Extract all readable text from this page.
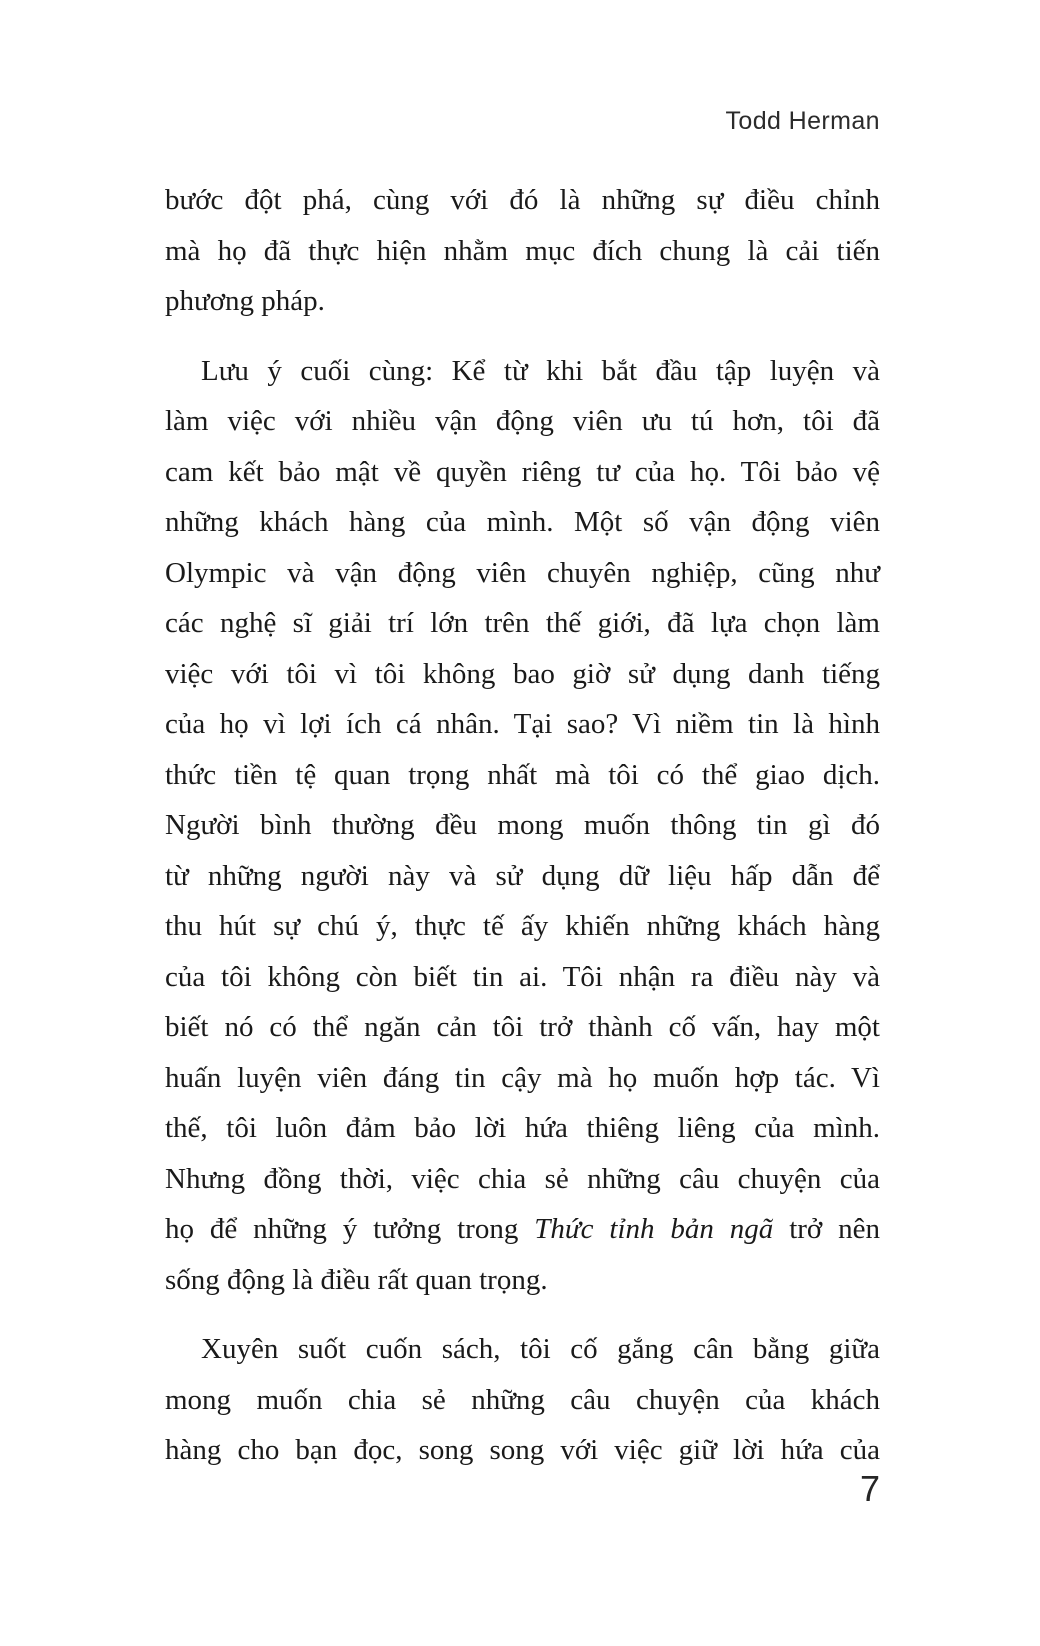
Todd Herman
bước đột phá, cùng với đó là những sự điều chỉnh
mà họ đã thực hiện nhằm mục đích chung là cải tiến
phương pháp.
Lưu ý cuối cùng: Kể từ khi bắt đầu tập luyện và
làm việc với nhiều vận động viên ưu tú hơn, tôi đã
cam kết bảo mật về quyền riêng tư của họ. Tôi bảo vệ
những khách hàng của mình. Một số vận động viên
Olympic và vận động viên chuyên nghiệp, cũng như
các nghệ sĩ giải trí lớn trên thế giới, đã lựa chọn làm
việc với tôi vì tôi không bao giờ sử dụng danh tiếng
của họ vì lợi ích cá nhân. Tại sao? Vì niềm tin là hình
thức tiền tệ quan trọng nhất mà tôi có thể giao dịch.
Người bình thường đều mong muốn thông tin gì đó
từ những người này và sử dụng dữ liệu hấp dẫn để
thu hút sự chú ý, thực tế ấy khiến những khách hàng
của tôi không còn biết tin ai. Tôi nhận ra điều này và
biết nó có thể ngăn cản tôi trở thành cố vấn, hay một
huấn luyện viên đáng tin cậy mà họ muốn hợp tác. Vì
thế, tôi luôn đảm bảo lời hứa thiêng liêng của mình.
Nhưng đồng thời, việc chia sẻ những câu chuyện của
họ để những ý tưởng trong Thức tỉnh bản ngã trở nên
sống động là điều rất quan trọng.
Xuyên suốt cuốn sách, tôi cố gắng cân bằng giữa
mong muốn chia sẻ những câu chuyện của khách
hàng cho bạn đọc, song song với việc giữ lời hứa của
7
